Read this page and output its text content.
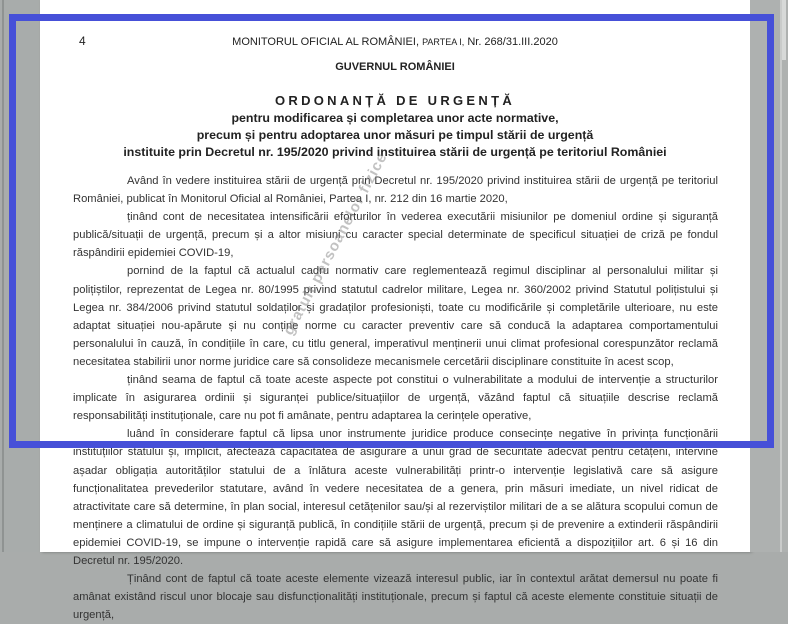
4	MONITORUL OFICIAL AL ROMÂNIEI, PARTEA I, Nr. 268/31.III.2020
GUVERNUL ROMÂNIEI
ORDONANȚĂ DE URGENȚĂ
pentru modificarea și completarea unor acte normative,
precum și pentru adoptarea unor măsuri pe timpul stării de urgență
instituite prin Decretul nr. 195/2020 privind instituirea stării de urgență pe teritoriul României

Având în vedere instituirea stării de urgență prin Decretul nr. 195/2020 privind instituirea stării de urgență pe teritoriul României, publicat în Monitorul Oficial al României, Partea I, nr. 212 din 16 martie 2020,

ținând cont de necesitatea intensificării eforturilor în vederea executării misiunilor pe domeniul ordine și siguranță publică/situații de urgență, precum și a altor misiuni cu caracter special determinate de specificul situației de criză pe fondul răspândirii epidemiei COVID-19,

pornind de la faptul că actualul cadru normativ care reglementează regimul disciplinar al personalului militar și polițiștilor, reprezentat de Legea nr. 80/1995 privind statutul cadrelor militare, Legea nr. 360/2002 privind Statutul polițistului și Legea nr. 384/2006 privind statutul soldaților și gradaților profesioniști, toate cu modificările și completările ulterioare, nu este adaptat situației nou-apărute și nu conține norme cu caracter preventiv care să conducă la adaptarea comportamentului personalului în cauză, în condițiile în care, cu titlu general, imperativul menținerii unui climat profesional corespunzător reclamă necesitatea stabilirii unor norme juridice care să consolideze mecanismele cercetării disciplinare constituite în acest scop,

ținând seama de faptul că toate aceste aspecte pot constitui o vulnerabilitate a modului de intervenție a structurilor implicate în asigurarea ordinii și siguranței publice/situațiilor de urgență, văzând faptul că situațiile descrise reclamă responsabilități instituționale, care nu pot fi amânate, pentru adaptarea la cerințele operative,

luând în considerare faptul că lipsa unor instrumente juridice produce consecințe negative în privința funcționării instituțiilor statului și, implicit, afectează capacitatea de asigurare a unui grad de securitate adecvat pentru cetățeni, intervine așadar obligația autorităților statului de a înlătura aceste vulnerabilități printr-o intervenție legislativă care să asigure funcționalitatea prevederilor statutare, având în vedere necesitatea de a genera, prin măsuri imediate, un nivel ridicat de atractivitate care să determine, în plan social, interesul cetățenilor sau/și al rezerviștilor militari de a se alătura scopului comun de menținere a climatului de ordine și siguranță publică, în condițiile stării de urgență, precum și de prevenire a extinderii răspândirii epidemiei COVID-19, se impune o intervenție rapidă care să asigure implementarea eficientă a dispozițiilor art. 6 și 16 din Decretul nr. 195/2020.

Ținând cont de faptul că toate aceste elemente vizează interesul public, iar în contextul arătat demersul nu poate fi amânat existând riscul unor blocaje sau disfuncționalități instituționale, precum și faptul că aceste elemente constituie situații de urgență,

gratuit persoanelor fizice
